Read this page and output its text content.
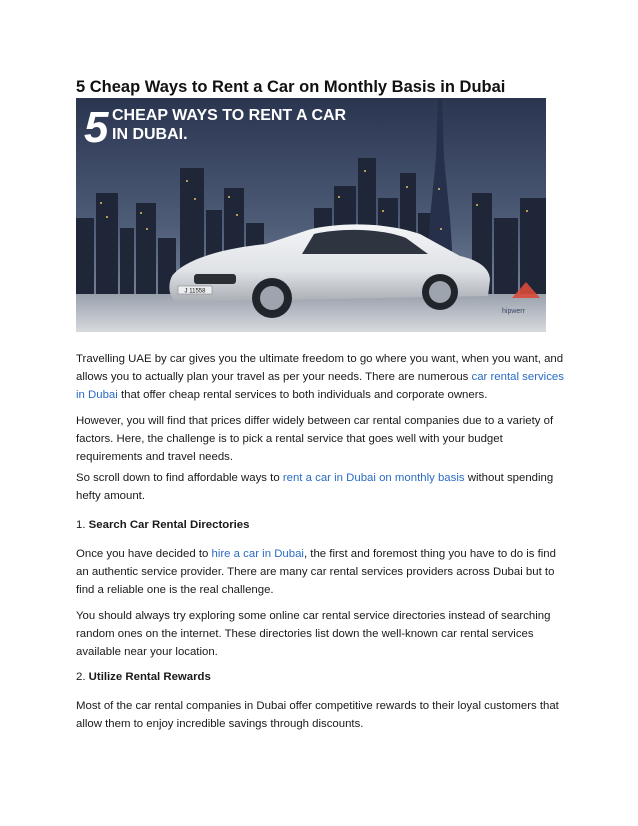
5 Cheap Ways to Rent a Car on Monthly Basis in Dubai
J 11558
5 CHEAP WAYS TO RENT A CAR
IN DUBAI.
hipwerr

Travelling UAE by car gives you the ultimate freedom to go where you want, when you want, and allows you to actually plan your travel as per your needs. There are numerous car rental services in Dubai that offer cheap rental services to both individuals and corporate owners.

However, you will find that prices differ widely between car rental companies due to a variety of factors. Here, the challenge is to pick a rental service that goes well with your budget requirements and travel needs.

So scroll down to find affordable ways to rent a car in Dubai on monthly basis without spending hefty amount.

1. Search Car Rental Directories

Once you have decided to hire a car in Dubai, the first and foremost thing you have to do is find an authentic service provider. There are many car rental services providers across Dubai but to find a reliable one is the real challenge.

You should always try exploring some online car rental service directories instead of searching random ones on the internet. These directories list down the well-known car rental services available near your location.

2. Utilize Rental Rewards

Most of the car rental companies in Dubai offer competitive rewards to their loyal customers that allow them to enjoy incredible savings through discounts.
